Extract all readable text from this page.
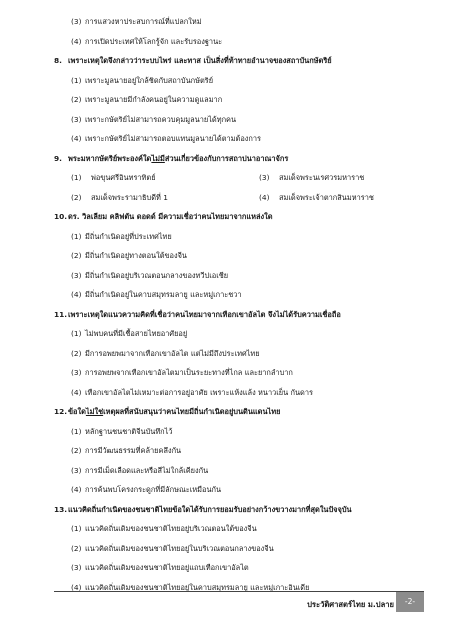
(3) การแสวงหาประสบการณ์ที่แปลกใหม่
(4) การเปิดประเทศให้โลกรู้จัก และรับรองฐานะ
8. เพราะเหตุใดจึงกล่าวว่าระบบไพร่ และทาส เป็นสิ่งที่ท้าทายอำนาจของสถาบันกษัตริย์
(1) เพราะมูลนายอยู่ใกล้ชิดกับสถาบันกษัตริย์
(2) เพราะมูลนายมีกำลังคนอยู่ในความดูแลมาก
(3) เพราะกษัตริย์ไม่สามารถควบคุมมูลนายได้ทุกคน
(4) เพราะกษัตริย์ไม่สามารถตอบแทนมูลนายได้ตามต้องการ
9. พระมหากษัตริย์พระองค์ใดไม่มีส่วนเกี่ยวข้องกับการสถาปนาอาณาจักร
(1) พ่อขุนศรีอินทราทิตย์	(3) สมเด็จพระนเรศวรมหาราช
(2) สมเด็จพระรามาธิบดีที่ 1	(4) สมเด็จพระเจ้าตากสินมหาราช
10.ดร. วิลเลียม คลิฟตัน ดอดด์ มีความเชื่อว่าคนไทยมาจากแหล่งใด
(1) มีถิ่นกำเนิดอยู่ที่ประเทศไทย
(2) มีถิ่นกำเนิดอยู่ทางตอนใต้ของจีน
(3) มีถิ่นกำเนิดอยู่บริเวณตอนกลางของทวีปเอเชีย
(4) มีถิ่นกำเนิดอยู่ในคาบสมุทรมลายู และหมู่เกาะชวา
11.เพราะเหตุใดแนวความคิดที่เชื่อว่าคนไทยมาจากเทือกเขาอัลไต จึงไม่ได้รับความเชื่อถือ
(1) ไม่พบคนที่มีเชื้อสายไทยอาศัยอยู่
(2) มีการอพยพมาจากเทือกเขาอัลไต แต่ไม่มีถึงประเทศไทย
(3) การอพยพจากเทือกเขาอัลไตมาเป็นระยะทางที่ไกล และยากลำบาก
(4) เทือกเขาอัลไตไม่เหมาะต่อการอยู่อาศัย เพราะแห้งแล้ง หนาวเย็น กันดาร
12.ข้อใดไม่ใช่เหตุผลที่สนับสนุนว่าคนไทยมีถิ่นกำเนิดอยู่บนดินแดนไทย
(1) หลักฐานชนชาติจีนบันทึกไว้
(2) การมีวัฒนธรรมที่คล้ายคลึงกัน
(3) การมีเม็ดเลือดและหรือสีไม่ใกล้เคียงกัน
(4) การค้นพบโครงกระดูกที่มีลักษณะเหมือนกัน
13.แนวคิดถิ่นกำเนิดของชนชาติไทยข้อใดได้รับการยอมรับอย่างกว้างขวางมากที่สุดในปัจจุบัน
(1) แนวคิดถิ่นเดิมของชนชาติไทยอยู่บริเวณตอนใต้ของจีน
(2) แนวคิดถิ่นเดิมของชนชาติไทยอยู่ในบริเวณตอนกลางของจีน
(3) แนวคิดถิ่นเดิมของชนชาติไทยอยู่แถบเทือกเขาอัลไต
(4) แนวคิดถิ่นเดิมของชนชาติไทยอยู่ในคาบสมุทรมลายู และหมู่เกาะอินเดีย
ประวัติศาสตร์ไทย ม.ปลาย	-2-
